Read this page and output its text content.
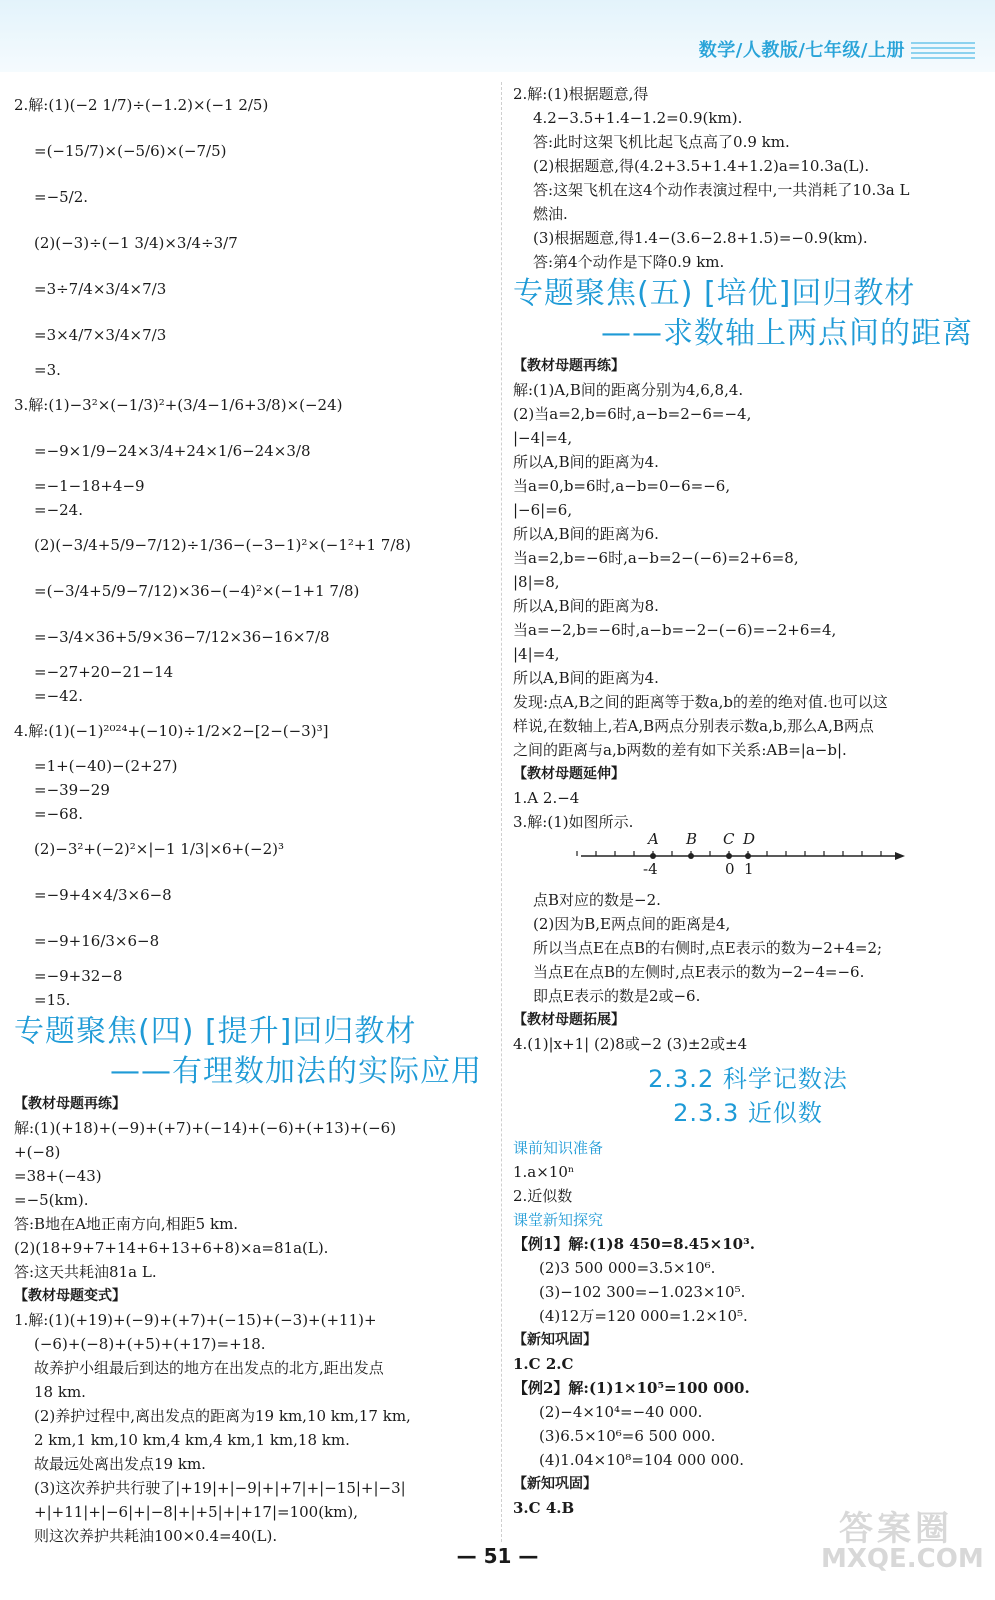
数学/人教版/七年级/上册
2.解:(1)(−2 1/7)÷(−1.2)×(−1 2/5)
=(−15/7)×(−5/6)×(−7/5)
=−5/2.
(2)(−3)÷(−1 3/4)×3/4÷3/7
=3÷7/4×3/4×7/3
=3×4/7×3/4×7/3
=3.
3.解:(1)−3²×(−1/3)²+(3/4−1/6+3/8)×(−24)
=−9×1/9−24×3/4+24×1/6−24×3/8
=−1−18+4−9
=−24.
(2)(−3/4+5/9−7/12)÷1/36−(−3−1)²×(−1²+1 7/8)
=(−3/4+5/9−7/12)×36−(−4)²×(−1+1 7/8)
=−3/4×36+5/9×36−7/12×36−16×7/8
=−27+20−21−14
=−42.
4.解:(1)(−1)²⁰²⁴+(−10)÷1/2×2−[2−(−3)³]
=1+(−40)−(2+27)
=−39−29
=−68.
(2)−3²+(−2)²×|−1 1/3|×6+(−2)³
=−9+4×4/3×6−8
=−9+16/3×6−8
=−9+32−8
=15.
专题聚焦(四) [提升]回归教材
——有理数加法的实际应用
【教材母题再练】
解:(1)(+18)+(−9)+(+7)+(−14)+(−6)+(+13)+(−6)
+(−8)
=38+(−43)
=−5(km).
答:B地在A地正南方向,相距5 km.
(2)(18+9+7+14+6+13+6+8)×a=81a(L).
答:这天共耗油81a L.
【教材母题变式】
1.解:(1)(+19)+(−9)+(+7)+(−15)+(−3)+(+11)+
(−6)+(−8)+(+5)+(+17)=+18.
故养护小组最后到达的地方在出发点的北方,距出发点
18 km.
(2)养护过程中,离出发点的距离为19 km,10 km,17 km,
2 km,1 km,10 km,4 km,4 km,1 km,18 km.
故最远处离出发点19 km.
(3)这次养护共行驶了|+19|+|−9|+|+7|+|−15|+|−3|
+|+11|+|−6|+|−8|+|+5|+|+17|=100(km),
则这次养护共耗油100×0.4=40(L).
2.解:(1)根据题意,得
4.2−3.5+1.4−1.2=0.9(km).
答:此时这架飞机比起飞点高了0.9 km.
(2)根据题意,得(4.2+3.5+1.4+1.2)a=10.3a(L).
答:这架飞机在这4个动作表演过程中,一共消耗了10.3a L
燃油.
(3)根据题意,得1.4−(3.6−2.8+1.5)=−0.9(km).
答:第4个动作是下降0.9 km.
专题聚焦(五) [培优]回归教材
——求数轴上两点间的距离
【教材母题再练】
解:(1)A,B间的距离分别为4,6,8,4.
(2)当a=2,b=6时,a−b=2−6=−4,
|−4|=4,
所以A,B间的距离为4.
当a=0,b=6时,a−b=0−6=−6,
|−6|=6,
所以A,B间的距离为6.
当a=2,b=−6时,a−b=2−(−6)=2+6=8,
|8|=8,
所以A,B间的距离为8.
当a=−2,b=−6时,a−b=−2−(−6)=−2+6=4,
|4|=4,
所以A,B间的距离为4.
发现:点A,B之间的距离等于数a,b的差的绝对值.也可以这
样说,在数轴上,若A,B两点分别表示数a,b,那么A,B两点
之间的距离与a,b两数的差有如下关系:AB=|a−b|.
【教材母题延伸】
1.A 2.−4
3.解:(1)如图所示.
A B C D
-4	0 1
点B对应的数是−2.
(2)因为B,E两点间的距离是4,
所以当点E在点B的右侧时,点E表示的数为−2+4=2;
当点E在点B的左侧时,点E表示的数为−2−4=−6.
即点E表示的数是2或−6.
【教材母题拓展】
4.(1)|x+1| (2)8或−2 (3)±2或±4
2.3.2 科学记数法
2.3.3 近似数
课前知识准备
1.a×10ⁿ
2.近似数
课堂新知探究
【例1】解:(1)8 450=8.45×10³.
(2)3 500 000=3.5×10⁶.
(3)−102 300=−1.023×10⁵.
(4)12万=120 000=1.2×10⁵.
【新知巩固】
1.C 2.C
【例2】解:(1)1×10⁵=100 000.
(2)−4×10⁴=−40 000.
(3)6.5×10⁶=6 500 000.
(4)1.04×10⁸=104 000 000.
【新知巩固】
3.C 4.B
— 51 —
答案圈
MXQE.COM
